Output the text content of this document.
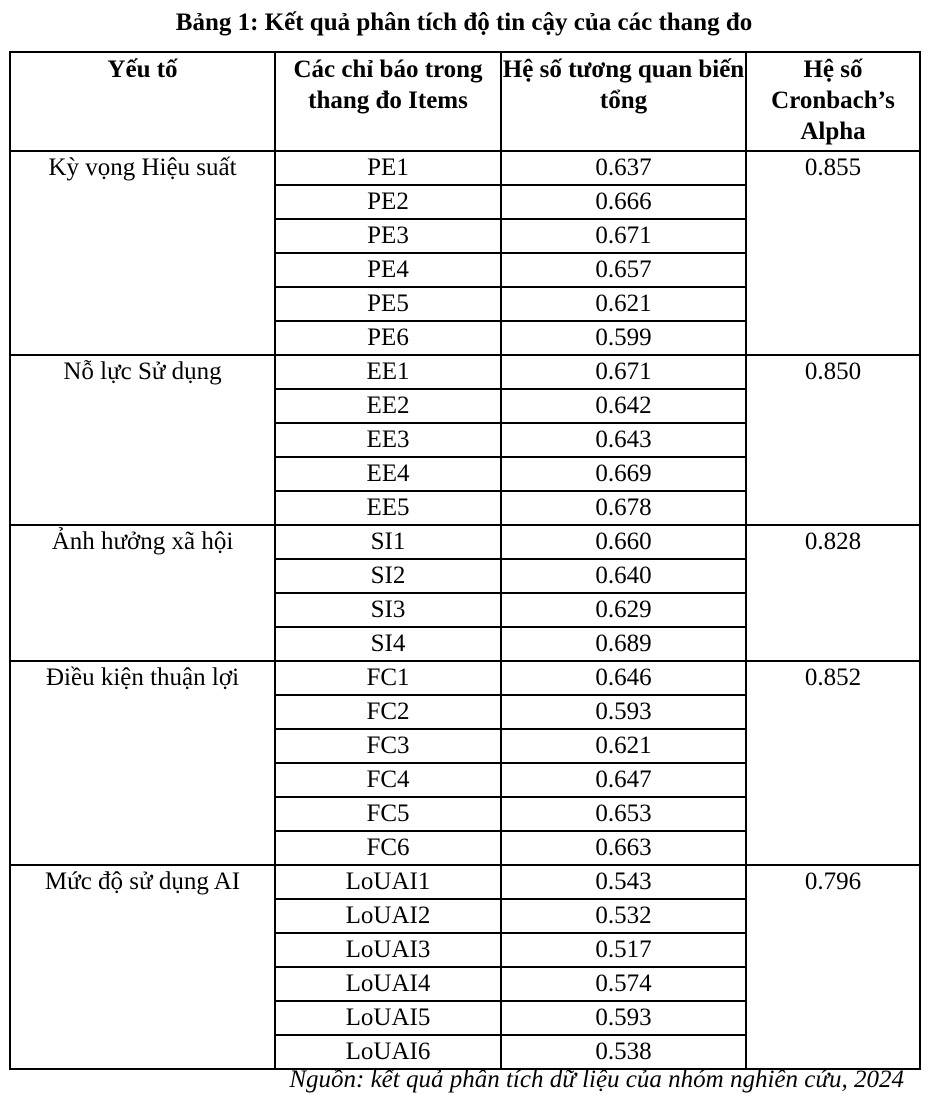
Bảng 1: Kết quả phân tích độ tin cậy của các thang đo
Yếu tố	Các chỉ báo trong thang đo Items	Hệ số tương quan biến tổng	Hệ số Cronbach’s Alpha
Kỳ vọng Hiệu suất	PE1	0.637	0.855
	PE2	0.666	
	PE3	0.671	
	PE4	0.657	
	PE5	0.621	
	PE6	0.599	
Nỗ lực Sử dụng	EE1	0.671	0.850
	EE2	0.642	
	EE3	0.643	
	EE4	0.669	
	EE5	0.678	
Ảnh hưởng xã hội	SI1	0.660	0.828
	SI2	0.640	
	SI3	0.629	
	SI4	0.689	
Điều kiện thuận lợi	FC1	0.646	0.852
	FC2	0.593	
	FC3	0.621	
	FC4	0.647	
	FC5	0.653	
	FC6	0.663	
Mức độ sử dụng AI	LoUAI1	0.543	0.796
	LoUAI2	0.532	
	LoUAI3	0.517	
	LoUAI4	0.574	
	LoUAI5	0.593	
	LoUAI6	0.538	
Nguồn: kết quả phân tích dữ liệu của nhóm nghiên cứu, 2024
